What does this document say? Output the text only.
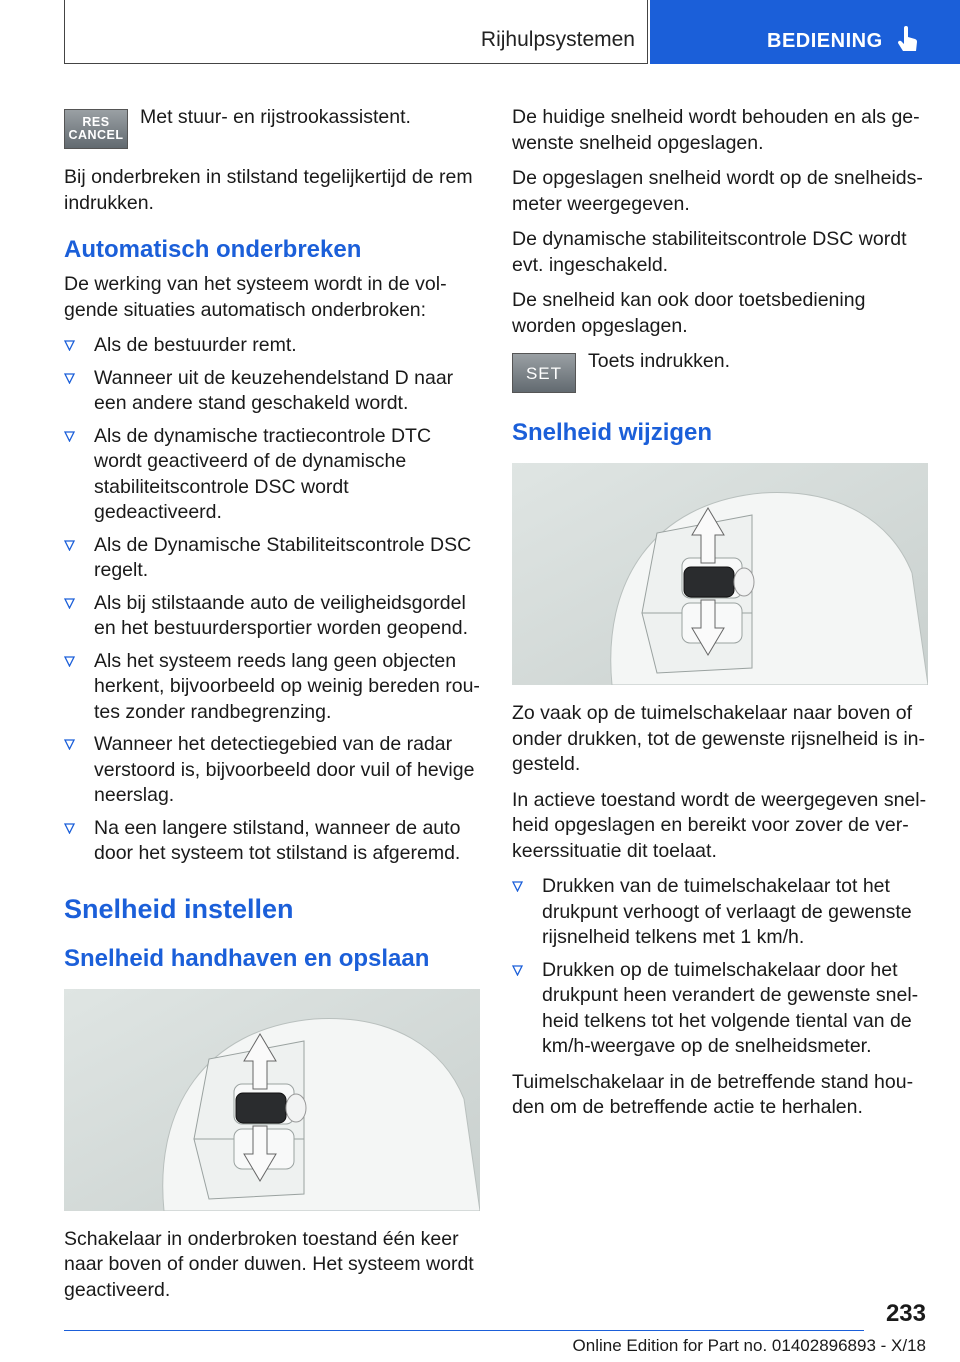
Rijhulpsystemen	BEDIENING
RES
CANCEL
Met stuur- en rijstrookassistent.

Bij onderbreken in stilstand tegelijkertijd de rem indrukken.

Automatisch onderbreken

De werking van het systeem wordt in de volgende situaties automatisch onderbroken:

Als de bestuurder remt.
Wanneer uit de keuzehendelstand D naar een andere stand geschakeld wordt.
Als de dynamische tractiecontrole DTC wordt geactiveerd of de dynamische stabiliteitscontrole DSC wordt gedeactiveerd.
Als de Dynamische Stabiliteitscontrole DSC regelt.
Als bij stilstaande auto de veiligheidsgordel en het bestuurdersportier worden geopend.
Als het systeem reeds lang geen objecten herkent, bijvoorbeeld op weinig bereden routes zonder randbegrenzing.
Wanneer het detectiegebied van de radar verstoord is, bijvoorbeeld door vuil of hevige neerslag.
Na een langere stilstand, wanneer de auto door het systeem tot stilstand is afgeremd.
Snelheid instellen
Snelheid handhaven en opslaan

Schakelaar in onderbroken toestand één keer naar boven of onder duwen. Het systeem wordt geactiveerd.

De huidige snelheid wordt behouden en als gewenste snelheid opgeslagen.

De opgeslagen snelheid wordt op de snelheidsmeter weergegeven.

De dynamische stabiliteitscontrole DSC wordt evt. ingeschakeld.

De snelheid kan ook door toetsbediening worden opgeslagen.

SET
Toets indrukken.
Snelheid wijzigen

Zo vaak op de tuimelschakelaar naar boven of onder drukken, tot de gewenste rijsnelheid is ingesteld.

In actieve toestand wordt de weergegeven snelheid opgeslagen en bereikt voor zover de verkeerssituatie dit toelaat.

Drukken van de tuimelschakelaar tot het drukpunt verhoogt of verlaagt de gewenste rijsnelheid telkens met 1 km/h.
Drukken op de tuimelschakelaar door het drukpunt heen verandert de gewenste snelheid telkens tot het volgende tiental van de km/h-weergave op de snelheidsmeter.

Tuimelschakelaar in de betreffende stand houden om de betreffende actie te herhalen.

233
Online Edition for Part no. 01402896893 - X/18
